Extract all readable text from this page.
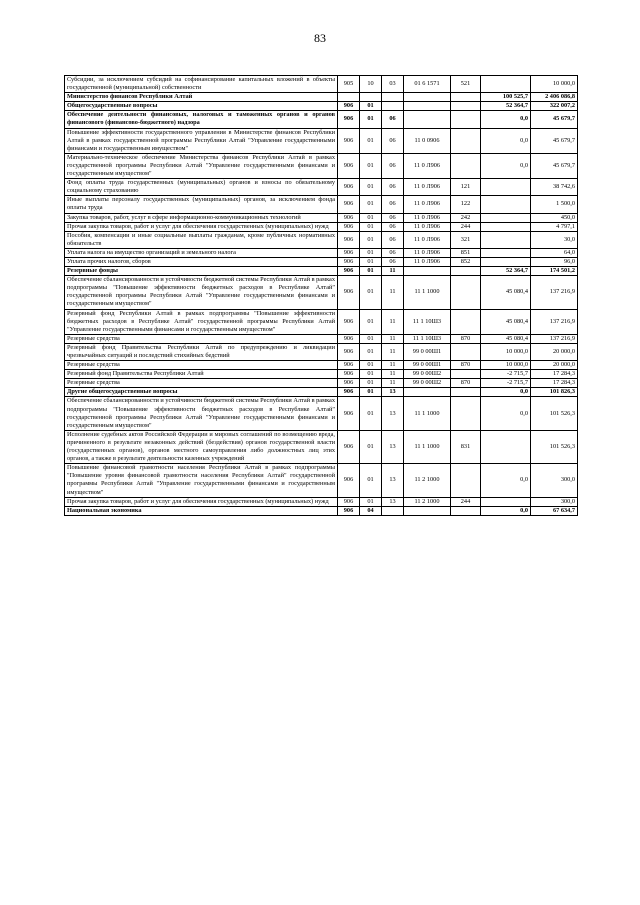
83
Субсидии, за исключением субсидий на софинансирование капитальных вложений в объекты государственной (муниципальной) собственности	905	10	03	01 6 1571	521		10 000,0
Министерство финансов Республики Алтай						100 525,7	2 406 086,8
Общегосударственные вопросы	906	01				52 364,7	322 007,2
Обеспечение деятельности финансовых, налоговых и таможенных органов и органов финансового (финансово-бюджетного) надзора	906	01	06			0,0	45 679,7
Повышение эффективности государственного управления в Министерстве финансов Республики Алтай в рамках государственной программы Республики Алтай "Управление государственными финансами и государственным имуществом"	906	01	06	11 0 0906		0,0	45 679,7
Материально-техническое обеспечение Министерства финансов Республики Алтай в рамках государственной программы Республики Алтай "Управление государственными финансами и государственным имуществом"	906	01	06	11 0 Л906		0,0	45 679,7
Фонд оплаты труда государственных (муниципальных) органов и взносы по обязательному социальному страхованию	906	01	06	11 0 Л906	121		38 742,6
Иные выплаты персоналу государственных (муниципальных) органов, за исключением фонда оплаты труда	906	01	06	11 0 Л906	122		1 500,0
Закупка товаров, работ, услуг в сфере информационно-коммуникационных технологий	906	01	06	11 0 Л906	242		450,0
Прочая закупка товаров, работ и услуг для обеспечения государственных (муниципальных) нужд	906	01	06	11 0 Л906	244		4 797,1
Пособия, компенсации и иные социальные выплаты гражданам, кроме публичных нормативных обязательств	906	01	06	11 0 Л906	321		30,0
Уплата налога на имущество организаций и земельного налога	906	01	06	11 0 Л906	851		64,0
Уплата прочих налогов, сборов	906	01	06	11 0 Л906	852		96,0
Резервные фонды	906	01	11			52 364,7	174 501,2
Обеспечение сбалансированности и устойчивости бюджетной системы Республики Алтай в рамках подпрограммы "Повышение эффективности бюджетных расходов в Республике Алтай" государственной программы Республики Алтай "Управление государственными финансами и государственным имуществом"	906	01	11	11 1 1000		45 080,4	137 216,9
Резервный фонд Республики Алтай в рамках подпрограммы "Повышение эффективности бюджетных расходов в Республике Алтай" государственной программы Республики Алтай "Управление государственными финансами и государственным имуществом"	906	01	11	11 1 10Ш3		45 080,4	137 216,9
Резервные средства	906	01	11	11 1 10Ш3	870	45 080,4	137 216,9
Резервный фонд Правительства Республики Алтай по предупреждению и ликвидации чрезвычайных ситуаций и последствий стихийных бедствий	906	01	11	99 0 00Ш1		10 000,0	20 000,0
Резервные средства	906	01	11	99 0 00Ш1	870	10 000,0	20 000,0
Резервный фонд Правительства Республики Алтай	906	01	11	99 0 00Ш2		-2 715,7	17 284,3
Резервные средства	906	01	11	99 0 00Ш2	870	-2 715,7	17 284,3
Другие общегосударственные вопросы	906	01	13			0,0	101 826,3
Обеспечение сбалансированности и устойчивости бюджетной системы Республики Алтай в рамках подпрограммы "Повышение эффективности бюджетных расходов в Республике Алтай" государственной программы Республики Алтай "Управление государственными финансами и государственным имуществом"	906	01	13	11 1 1000		0,0	101 526,3
Исполнение судебных актов Российской Федерации и мировых соглашений по возмещению вреда, причиненного в результате незаконных действий (бездействия) органов государственной власти (государственных органов), органов местного самоуправления либо должностных лиц этих органов, а также в результате деятельности казенных учреждений	906	01	13	11 1 1000	831		101 526,3
Повышение финансовой грамотности населения Республики Алтай в рамках подпрограммы "Повышение уровня финансовой грамотности населения Республики Алтай" государственной программы Республики Алтай "Управление государственными финансами и государственным имуществом"	906	01	13	11 2 1000		0,0	300,0
Прочая закупка товаров, работ и услуг для обеспечения государственных (муниципальных) нужд	906	01	13	11 2 1000	244		300,0
Национальная экономика	906	04				0,0	67 634,7
